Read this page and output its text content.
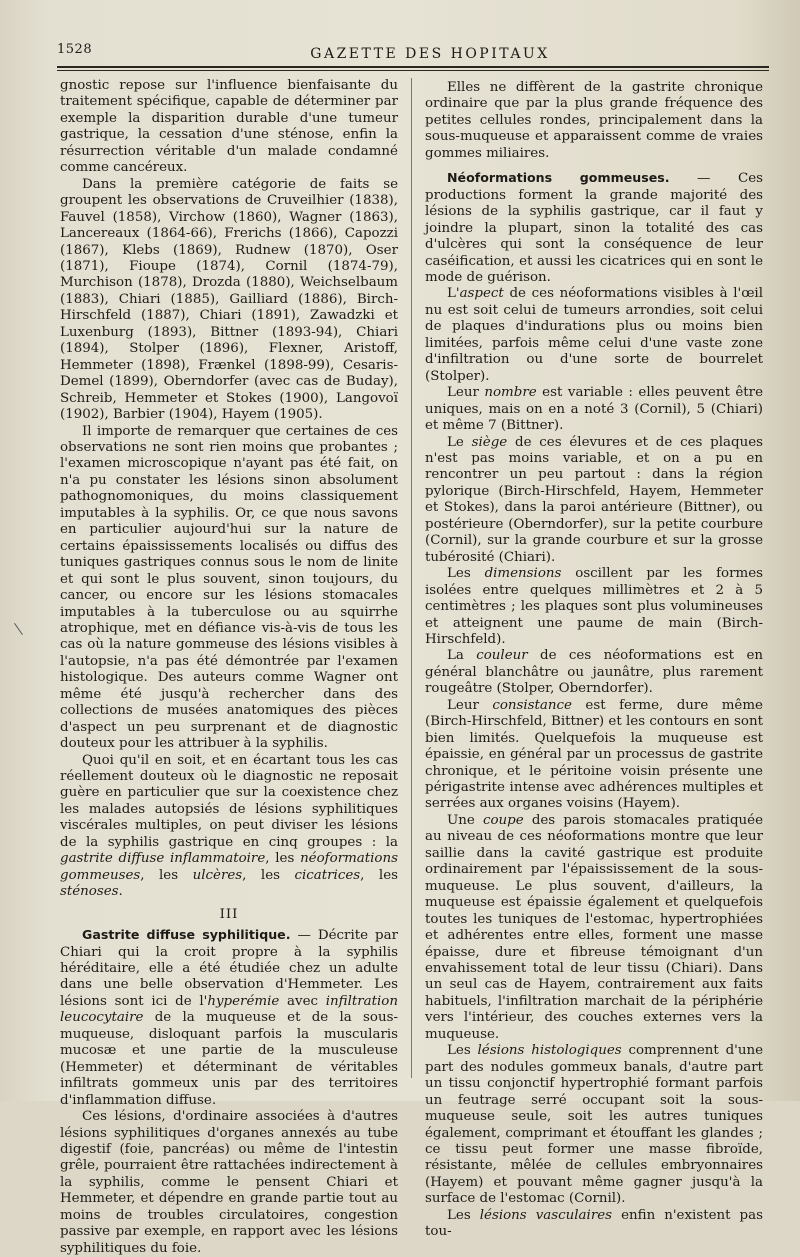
1528	GAZETTE DES HOPITAUX

gnostic repose sur l'influence bienfaisante du traitement spécifique, capable de déterminer par exemple la disparition durable d'une tumeur gastrique, la cessation d'une sténose, enfin la résurrection véritable d'un malade condamné comme cancéreux.

Dans la première catégorie de faits se groupent les observations de Cruveilhier (1838), Fauvel (1858), Virchow (1860), Wagner (1863), Lancereaux (1864-66), Frerichs (1866), Capozzi (1867), Klebs (1869), Rudnew (1870), Oser (1871), Fioupe (1874), Cornil (1874-79), Murchison (1878), Drozda (1880), Weichselbaum (1883), Chiari (1885), Gailliard (1886), Birch-Hirschfeld (1887), Chiari (1891), Zawadzki et Luxenburg (1893), Bittner (1893-94), Chiari (1894), Stolper (1896), Flexner, Aristoff, Hemmeter (1898), Frænkel (1898-99), Cesaris-Demel (1899), Oberndorfer (avec cas de Buday), Schreib, Hemmeter et Stokes (1900), Langovoï (1902), Barbier (1904), Hayem (1905).

Il importe de remarquer que certaines de ces observations ne sont rien moins que probantes ; l'examen microscopique n'ayant pas été fait, on n'a pu constater les lésions sinon absolument pathognomoniques, du moins classiquement imputables à la syphilis. Or, ce que nous savons en particulier aujourd'hui sur la nature de certains épaississements localisés ou diffus des tuniques gastriques connus sous le nom de linite et qui sont le plus souvent, sinon toujours, du cancer, ou encore sur les lésions stomacales imputables à la tuberculose ou au squirrhe atrophique, met en défiance vis-à-vis de tous les cas où la nature gommeuse des lésions visibles à l'autopsie, n'a pas été démontrée par l'examen histologique. Des auteurs comme Wagner ont même été jusqu'à rechercher dans des collections de musées anatomiques des pièces d'aspect un peu surprenant et de diagnostic douteux pour les attribuer à la syphilis.

Quoi qu'il en soit, et en écartant tous les cas réellement douteux où le diagnostic ne reposait guère en particulier que sur la coexistence chez les malades autopsiés de lésions syphilitiques viscérales multiples, on peut diviser les lésions de la syphilis gastrique en cinq groupes : la gastrite diffuse inflammatoire, les néoformations gommeuses, les ulcères, les cicatrices, les sténoses.

III

Gastrite diffuse syphilitique. — Décrite par Chiari qui la croit propre à la syphilis héréditaire, elle a été étudiée chez un adulte dans une belle observation d'Hemmeter. Les lésions sont ici de l'hyperémie avec infiltration leucocytaire de la muqueuse et de la sous-muqueuse, disloquant parfois la muscularis mucosæ et une partie de la musculeuse (Hemmeter) et déterminant de véritables infiltrats gommeux unis par des territoires d'inflammation diffuse.

Ces lésions, d'ordinaire associées à d'autres lésions syphilitiques d'organes annexés au tube digestif (foie, pancréas) ou même de l'intestin grêle, pourraient être rattachées indirectement à la syphilis, comme le pensent Chiari et Hemmeter, et dépendre en grande partie tout au moins de troubles circulatoires, congestion passive par exemple, en rapport avec les lésions syphilitiques du foie.

Elles ne diffèrent de la gastrite chronique ordinaire que par la plus grande fréquence des petites cellules rondes, principalement dans la sous-muqueuse et apparaissent comme de vraies gommes miliaires.

Néoformations gommeuses. — Ces productions forment la grande majorité des lésions de la syphilis gastrique, car il faut y joindre la plupart, sinon la totalité des cas d'ulcères qui sont la conséquence de leur caséification, et aussi les cicatrices qui en sont le mode de guérison.

L'aspect de ces néoformations visibles à l'œil nu est soit celui de tumeurs arrondies, soit celui de plaques d'indurations plus ou moins bien limitées, parfois même celui d'une vaste zone d'infiltration ou d'une sorte de bourrelet (Stolper).

Leur nombre est variable : elles peuvent être uniques, mais on en a noté 3 (Cornil), 5 (Chiari) et même 7 (Bittner).

Le siège de ces élevures et de ces plaques n'est pas moins variable, et on a pu en rencontrer un peu partout : dans la région pylorique (Birch-Hirschfeld, Hayem, Hemmeter et Stokes), dans la paroi antérieure (Bittner), ou postérieure (Oberndorfer), sur la petite courbure (Cornil), sur la grande courbure et sur la grosse tubérosité (Chiari).

Les dimensions oscillent par les formes isolées entre quelques millimètres et 2 à 5 centimètres ; les plaques sont plus volumineuses et atteignent une paume de main (Birch-Hirschfeld).

La couleur de ces néoformations est en général blanchâtre ou jaunâtre, plus rarement rougeâtre (Stolper, Oberndorfer).

Leur consistance est ferme, dure même (Birch-Hirschfeld, Bittner) et les contours en sont bien limités. Quelquefois la muqueuse est épaissie, en général par un processus de gastrite chronique, et le péritoine voisin présente une périgastrite intense avec adhérences multiples et serrées aux organes voisins (Hayem).

Une coupe des parois stomacales pratiquée au niveau de ces néoformations montre que leur saillie dans la cavité gastrique est produite ordinairement par l'épaississement de la sous-muqueuse. Le plus souvent, d'ailleurs, la muqueuse est épaissie également et quelquefois toutes les tuniques de l'estomac, hypertrophiées et adhérentes entre elles, forment une masse épaisse, dure et fibreuse témoignant d'un envahissement total de leur tissu (Chiari). Dans un seul cas de Hayem, contrairement aux faits habituels, l'infiltration marchait de la périphérie vers l'intérieur, des couches externes vers la muqueuse.

Les lésions histologiques comprennent d'une part des nodules gommeux banals, d'autre part un tissu conjonctif hypertrophié formant parfois un feutrage serré occupant soit la sous-muqueuse seule, soit les autres tuniques également, comprimant et étouffant les glandes ; ce tissu peut former une masse fibroïde, résistante, mêlée de cellules embryonnaires (Hayem) et pouvant même gagner jusqu'à la surface de l'estomac (Cornil).

Les lésions vasculaires enfin n'existent pas tou-
